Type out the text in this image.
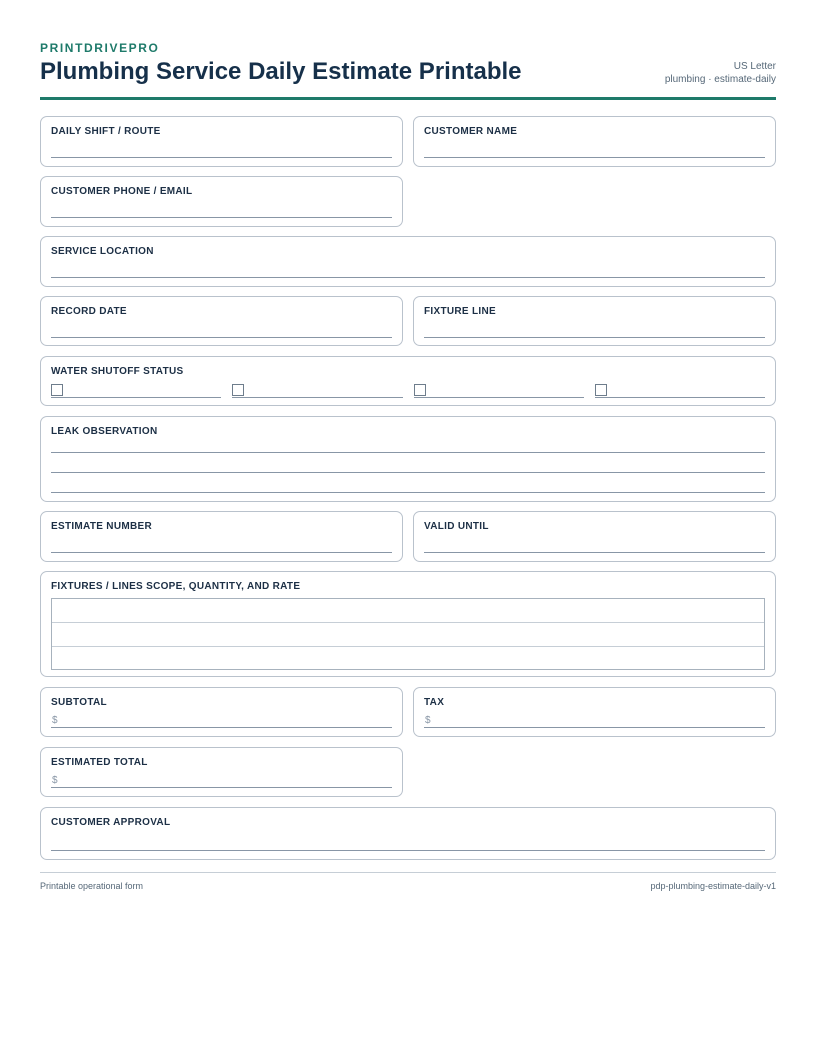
PRINTDRIVEPRO
Plumbing Service Daily Estimate Printable	US Letter
plumbing · estimate-daily
DAILY SHIFT / ROUTE	CUSTOMER NAME
CUSTOMER PHONE / EMAIL
SERVICE LOCATION
RECORD DATE	FIXTURE LINE
WATER SHUTOFF STATUS
LEAK OBSERVATION
ESTIMATE NUMBER	VALID UNTIL
FIXTURES / LINES SCOPE, QUANTITY, AND RATE
SUBTOTAL
$
TAX
$
ESTIMATED TOTAL
$
CUSTOMER APPROVAL
Printable operational form	pdp-plumbing-estimate-daily-v1
